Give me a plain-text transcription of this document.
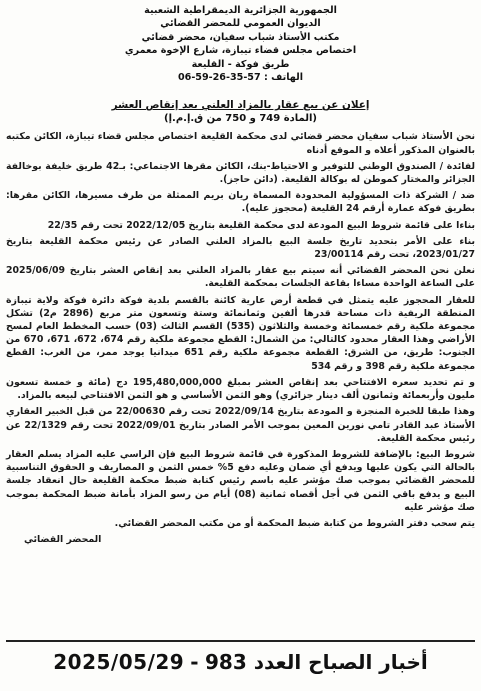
الجمهورية الجزائرية الديمقراطية الشعبية
الديوان العمومي للمحضر القضائي
مكتب الأستاذ شباب سفيان، محضر قضائي
اختصاص مجلس قضاء تيبازة، شارع الإخوة معمري
طريق فوكة - القليعة
الهاتف : 06-59-26-35-57
إعلان عن بيع عقار بالمزاد العلني بعد إنقاص العشر
(المادة 749 و 750 من ق.إ.م.إ)

نحن الأستاذ شباب سفيان محضر قضائي لدى محكمة القليعة اختصاص مجلس قضاء تيبازة، الكائن مكتبه بالعنوان المذكور أعلاه و الموقع أدناه

لفائدة / الصندوق الوطني للتوفير و الاحتياط-بنك، الكائن مقرها الاجتماعي: بـ42 طريق خليفة بوخالفة الجزائر والمختار كموطن له بوكالة القليعة. (دائن حاجز).

ضد / الشركة ذات المسؤولية المحدودة المسماة ريان بريم الممثلة من طرف مسيرها، الكائن مقرها: بطريق فوكة عمارة أرقم 24 القليعة (محجوز عليه).

بناءا على قائمة شروط البيع المودعة لدى محكمة القليعة بتاريخ 2022/12/05 تحت رقم 22/35

بناء على الأمر بتحديد تاريخ جلسة البيع بالمزاد العلني الصادر عن رئيس محكمة القليعة بتاريخ 2023/01/27، تحت رقم 23/00114

نعلن نحن المحضر القضائي أنه سيتم بيع عقار بالمزاد العلني بعد إنقاص العشر بتاريخ 2025/06/09 على الساعة الواحدة مساءا بقاعة الجلسات بمحكمة القليعة.

للعقار المحجوز عليه يتمثل في قطعة أرض عارية كائنة بالقسم بلدية فوكة دائرة فوكة ولاية تيبازة المنطقة الريفية ذات مساحة قدرها ألفين وثمانمائة وستة وتسعون متر مربع (2896 م2) تشكل مجموعة ملكية رقم خمسمائة وخمسة والثلاثون (535) القسم الثالث (03) حسب المخطط العام لمسح الأراضي وهذا العقار محدود كالتالي: من الشمال: القطع مجموعة ملكية رقم 674، 672، 671، 670 من الجنوب: طريق، من الشرق: القطعة مجموعة ملكية رقم 651 ميدانيا يوجد ممر، من الغرب: القطع مجموعة ملكية رقم 398 و رقم 534

و تم تحديد سعره الافتتاحي بعد إنقاص العشر بمبلغ 195,480,000,000 دج (مائة و خمسة تسعون مليون وأربعمائة وثمانون ألف دينار جزائري) وهو الثمن الأساسي و هو الثمن الافتتاحي لبيعه بالمزاد.

وهذا طبقا للخبرة المنجزة و المودعة بتاريخ 2022/09/14 تحت رقم 22/00630 من قبل الخبير العقاري الأستاذ عبد القادر تامي نورين المعين بموجب الأمر الصادر بتاريخ 2022/09/01 تحت رقم 22/1329 عن رئيس محكمة القليعة.

شروط البيع: بالإضافة للشروط المذكورة في قائمة شروط البيع فإن الراسي عليه المزاد يسلم العقار بالحالة التي يكون عليها ويدفع أي ضمان وعليه دفع 5% خمس الثمن و المصاريف و الحقوق التناسبية للمحضر القضائي بموجب صك مؤشر عليه باسم رئيس كتابة ضبط محكمة القليعة حال انعقاد جلسة البيع و يدفع باقي الثمن في أجل أقصاه ثمانية (08) أيام من رسو المزاد بأمانة ضبط المحكمة بموجب صك مؤشر عليه

يتم سحب دفتر الشروط من كتابة ضبط المحكمة أو من مكتب المحضر القضائي.

المحضر القضائي

أخبار الصباح العدد 983
-
2025/05/29
